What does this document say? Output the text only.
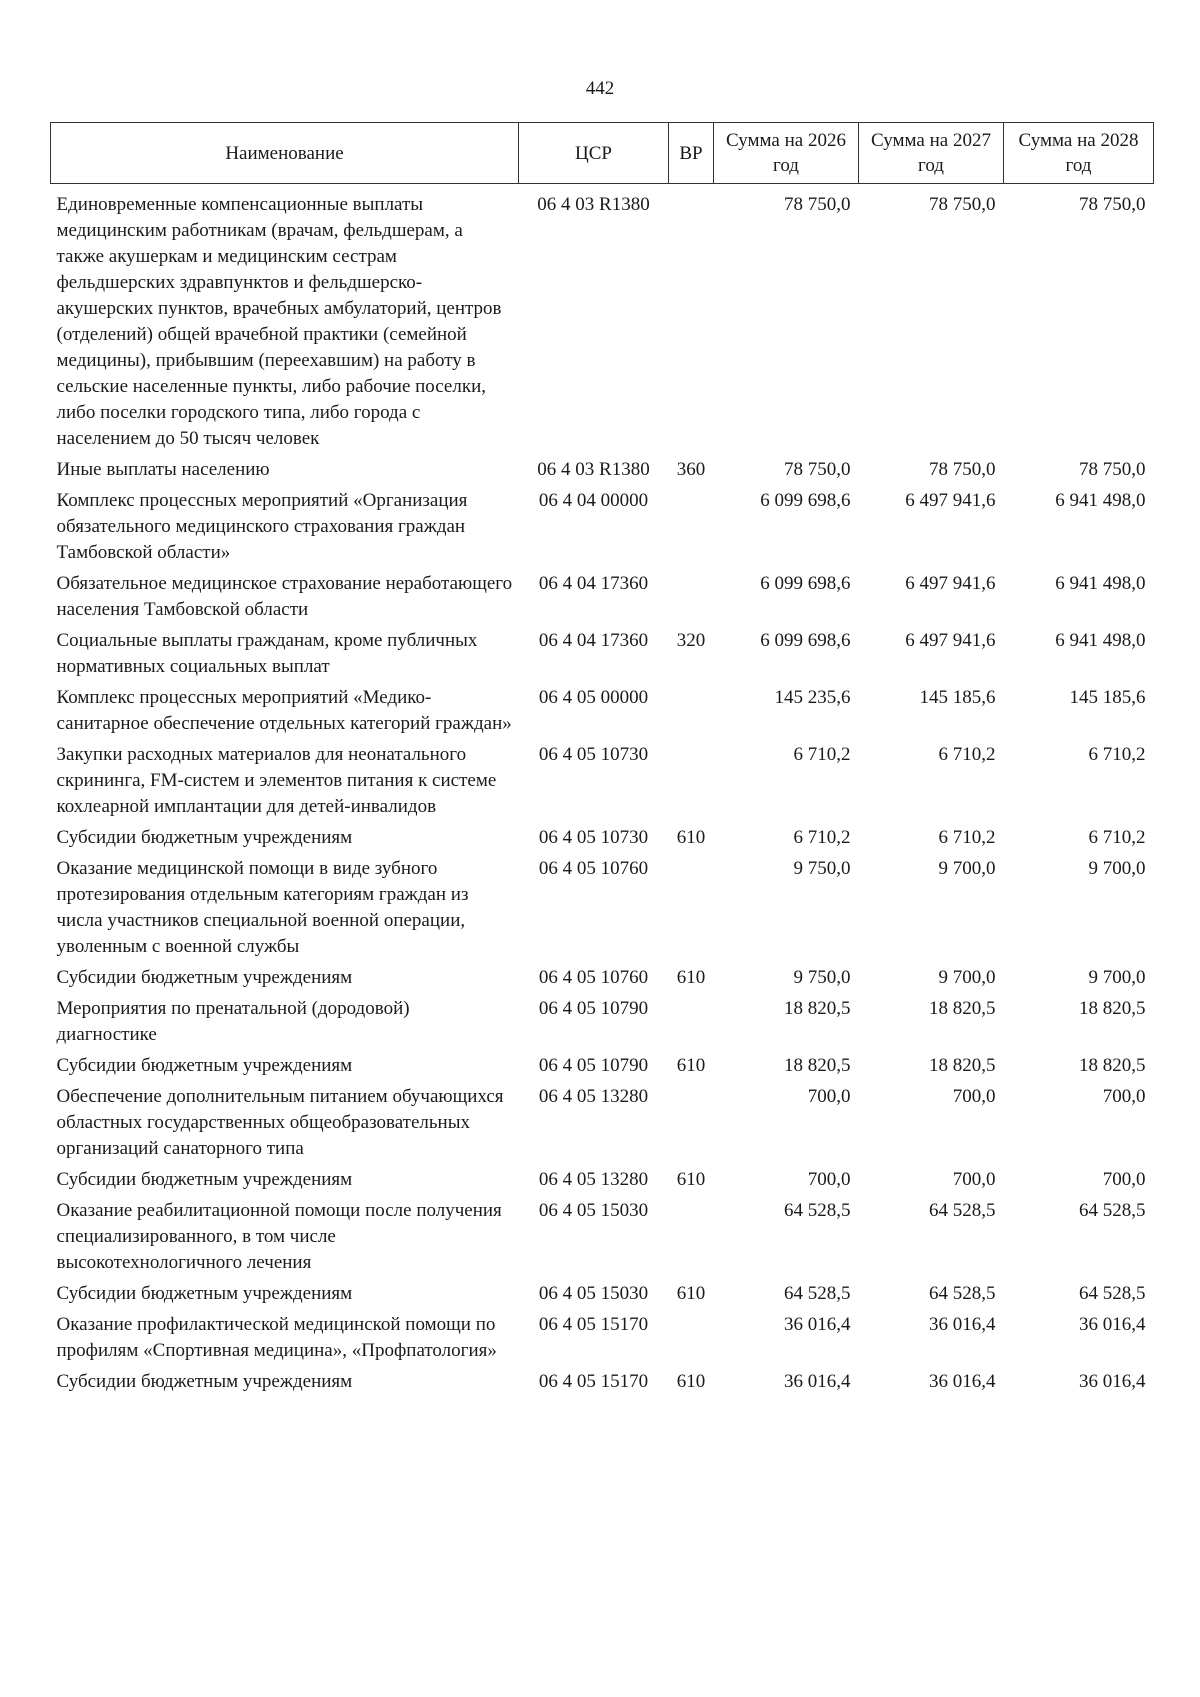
442
Наименование	ЦСР	ВР	Сумма на 2026 год	Сумма на 2027 год	Сумма на 2028 год
Единовременные компенсационные выплаты медицинским работникам (врачам, фельдшерам, а также акушеркам и медицинским сестрам фельдшерских здравпунктов и фельдшерско-акушерских пунктов, врачебных амбулаторий, центров (отделений) общей врачебной практики (семейной медицины), прибывшим (переехавшим) на работу в сельские населенные пункты, либо рабочие поселки, либо поселки городского типа, либо города с населением до 50 тысяч человек	06 4 03 R1380		78 750,0	78 750,0	78 750,0
Иные выплаты населению	06 4 03 R1380	360	78 750,0	78 750,0	78 750,0
Комплекс процессных мероприятий «Организация обязательного медицинского страхования граждан Тамбовской области»	06 4 04 00000		6 099 698,6	6 497 941,6	6 941 498,0
Обязательное медицинское страхование неработающего населения Тамбовской области	06 4 04 17360		6 099 698,6	6 497 941,6	6 941 498,0
Социальные выплаты гражданам, кроме публичных нормативных социальных выплат	06 4 04 17360	320	6 099 698,6	6 497 941,6	6 941 498,0
Комплекс процессных мероприятий «Медико-санитарное обеспечение отдельных категорий граждан»	06 4 05 00000		145 235,6	145 185,6	145 185,6
Закупки расходных материалов для неонатального скрининга, FM-систем и элементов питания к системе кохлеарной имплантации для детей-инвалидов	06 4 05 10730		6 710,2	6 710,2	6 710,2
Субсидии бюджетным учреждениям	06 4 05 10730	610	6 710,2	6 710,2	6 710,2
Оказание медицинской помощи в виде зубного протезирования отдельным категориям граждан из числа участников специальной военной операции, уволенным с военной службы	06 4 05 10760		9 750,0	9 700,0	9 700,0
Субсидии бюджетным учреждениям	06 4 05 10760	610	9 750,0	9 700,0	9 700,0
Мероприятия по пренатальной (дородовой) диагностике	06 4 05 10790		18 820,5	18 820,5	18 820,5
Субсидии бюджетным учреждениям	06 4 05 10790	610	18 820,5	18 820,5	18 820,5
Обеспечение дополнительным питанием обучающихся областных государственных общеобразовательных организаций санаторного типа	06 4 05 13280		700,0	700,0	700,0
Субсидии бюджетным учреждениям	06 4 05 13280	610	700,0	700,0	700,0
Оказание реабилитационной помощи после получения специализированного, в том числе высокотехнологичного лечения	06 4 05 15030		64 528,5	64 528,5	64 528,5
Субсидии бюджетным учреждениям	06 4 05 15030	610	64 528,5	64 528,5	64 528,5
Оказание профилактической медицинской помощи по профилям «Спортивная медицина», «Профпатология»	06 4 05 15170		36 016,4	36 016,4	36 016,4
Субсидии бюджетным учреждениям	06 4 05 15170	610	36 016,4	36 016,4	36 016,4
